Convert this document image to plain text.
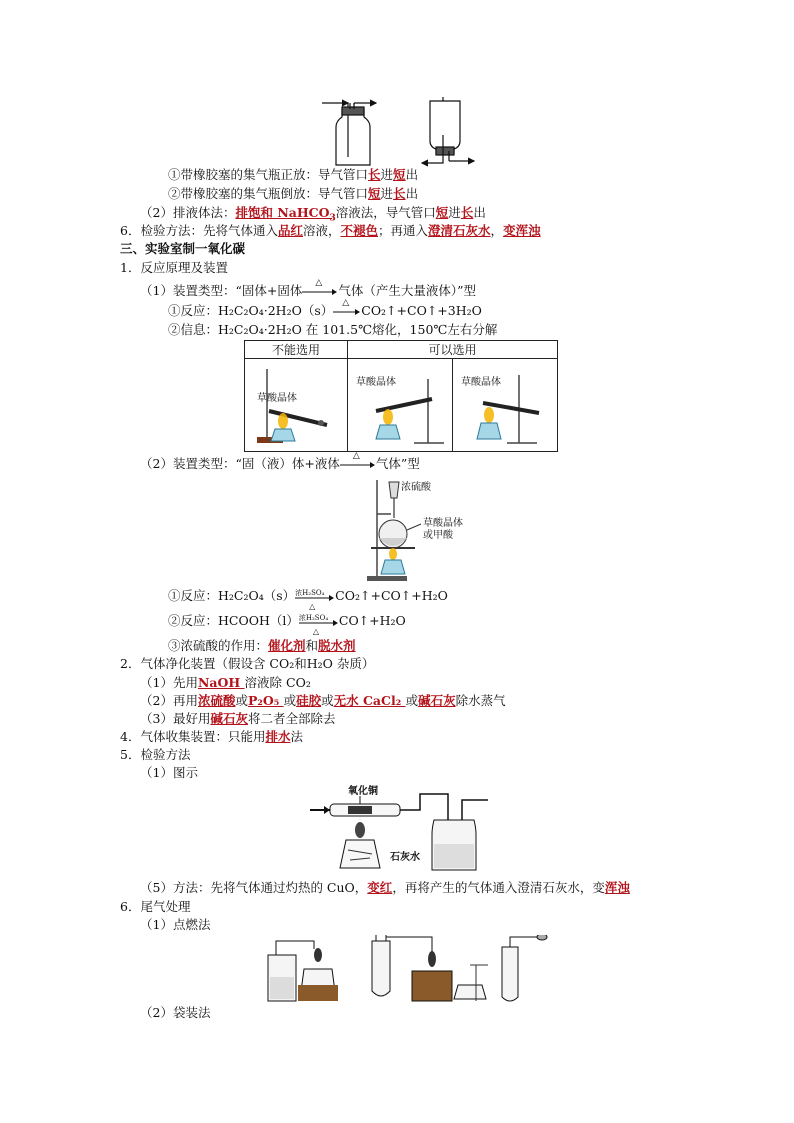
①带橡胶塞的集气瓶正放：导气管口长进短出
②带橡胶塞的集气瓶倒放：导气管口短进长出
（2）排液体法：排饱和 NaHCO$_3$溶液法，导气管口短进长出
6．检验方法：先将气体通入品红溶液，不褪色；再通入澄清石灰水，变浑浊
三、实验室制一氧化碳
1．反应原理及装置
（1）装置类型：“固体+固体
△
气体（产生大量液体）”型
①反应：H₂C₂O₄·2H₂O（s）
△
CO₂↑+CO↑+3H₂O
②信息：H₂C₂O₄·2H₂O 在 101.5℃熔化，150℃左右分解
不能选用	可以选用	

草酸晶体	草酸晶体	草酸晶体
（2）装置类型：“固（液）体+液体
△
气体”型
浓硫酸
草酸晶体
或甲酸
①反应：H₂C₂O₄（s） 浓H₂SO₄
△
CO₂↑+CO↑+H₂O
②反应：HCOOH（l） 浓H₂SO₄
△
CO↑+H₂O
③浓硫酸的作用：催化剂和脱水剂
2．气体净化装置（假设含 CO₂和H₂O 杂质）
（1）先用NaOH 溶液除 CO₂
（2）再用浓硫酸或P₂O₅ 或硅胶或无水 CaCl₂ 或碱石灰除水蒸气
（3）最好用碱石灰将二者全部除去
4．气体收集装置：只能用排水法
5．检验方法
（1）图示
氧化铜
石灰水
（5）方法：先将气体通过灼热的 CuO，变红，再将产生的气体通入澄清石灰水，变浑浊
6．尾气处理
（1）点燃法
（2）袋装法
